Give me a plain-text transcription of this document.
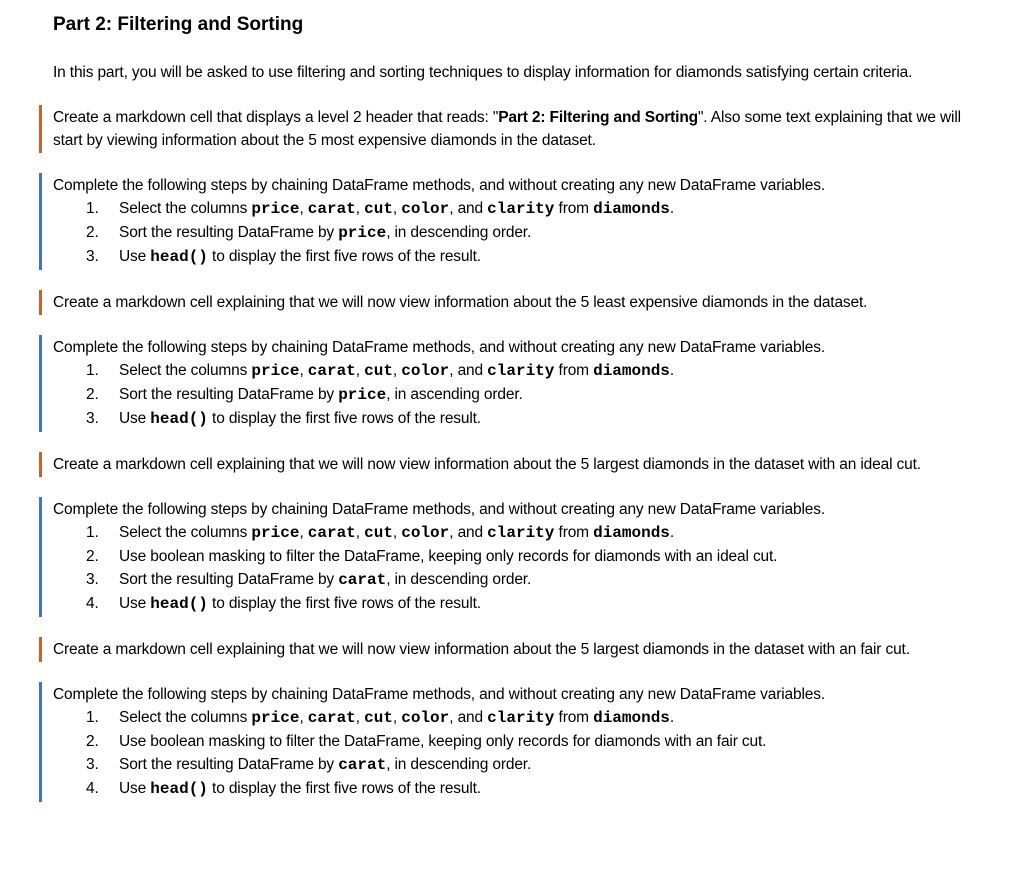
Part 2: Filtering and Sorting

In this part, you will be asked to use filtering and sorting techniques to display information for diamonds satisfying certain criteria.

Create a markdown cell that displays a level 2 header that reads: "Part 2: Filtering and Sorting". Also some text explaining that we will start by viewing information about the 5 most expensive diamonds in the dataset.

Complete the following steps by chaining DataFrame methods, and without creating any new DataFrame variables.

1. Select the columns price, carat, cut, color, and clarity from diamonds.
2. Sort the resulting DataFrame by price, in descending order.
3. Use head() to display the first five rows of the result.

Create a markdown cell explaining that we will now view information about the 5 least expensive diamonds in the dataset.

Complete the following steps by chaining DataFrame methods, and without creating any new DataFrame variables.

1. Select the columns price, carat, cut, color, and clarity from diamonds.
2. Sort the resulting DataFrame by price, in ascending order.
3. Use head() to display the first five rows of the result.

Create a markdown cell explaining that we will now view information about the 5 largest diamonds in the dataset with an ideal cut.

Complete the following steps by chaining DataFrame methods, and without creating any new DataFrame variables.

1. Select the columns price, carat, cut, color, and clarity from diamonds.
2. Use boolean masking to filter the DataFrame, keeping only records for diamonds with an ideal cut.
3. Sort the resulting DataFrame by carat, in descending order.
4. Use head() to display the first five rows of the result.

Create a markdown cell explaining that we will now view information about the 5 largest diamonds in the dataset with an fair cut.

Complete the following steps by chaining DataFrame methods, and without creating any new DataFrame variables.

1. Select the columns price, carat, cut, color, and clarity from diamonds.
2. Use boolean masking to filter the DataFrame, keeping only records for diamonds with an fair cut.
3. Sort the resulting DataFrame by carat, in descending order.
4. Use head() to display the first five rows of the result.
